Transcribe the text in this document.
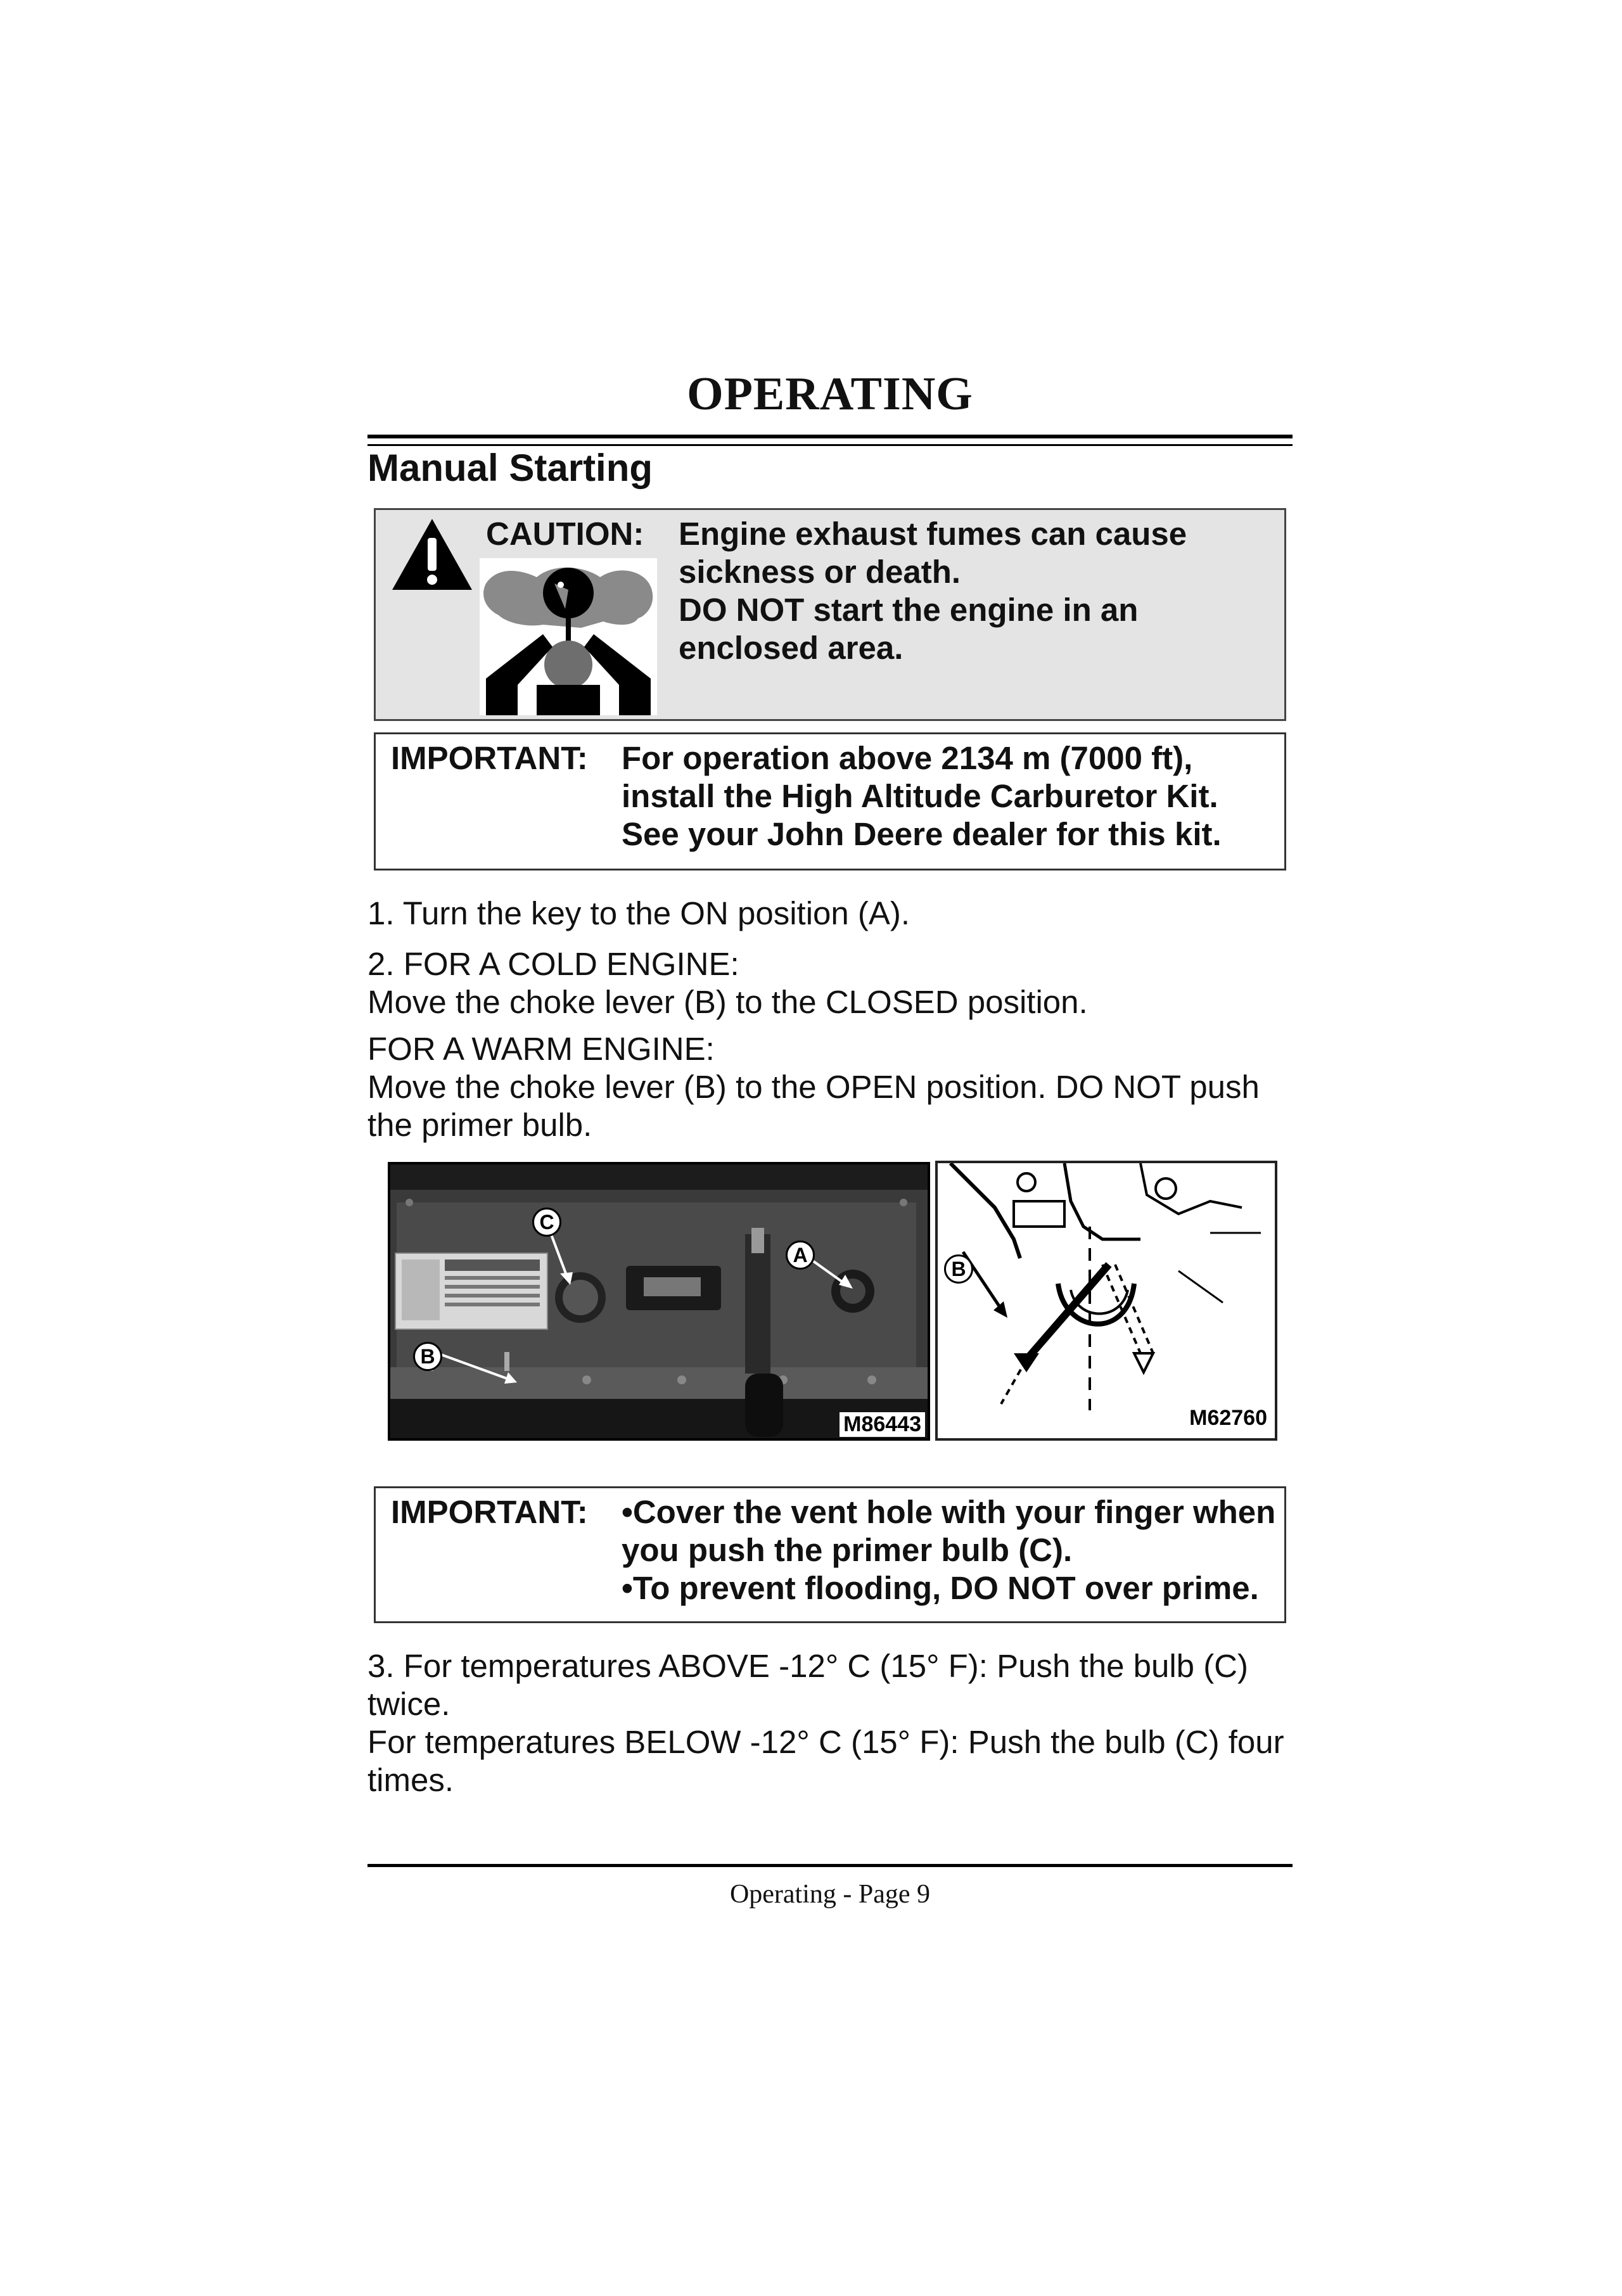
OPERATING
Manual Starting
CAUTION: Engine exhaust fumes can cause
sickness or death.
DO NOT start the engine in an
enclosed area.
IMPORTANT: For operation above 2134 m (7000 ft),
install the High Altitude Carburetor Kit.
See your John Deere dealer for this kit.
1. Turn the key to the ON position (A).
2. FOR A COLD ENGINE:
Move the choke lever (B) to the CLOSED position.
FOR A WARM ENGINE:
Move the choke lever (B) to the OPEN position. DO NOT push
the primer bulb.
C
A
B
M86443
B
M62760
IMPORTANT: •Cover the vent hole with your finger when
you push the primer bulb (C).
•To prevent flooding, DO NOT over prime.
3. For temperatures ABOVE -12° C (15° F): Push the bulb (C)
twice.
For temperatures BELOW -12° C (15° F): Push the bulb (C) four
times.
Operating - Page 9
